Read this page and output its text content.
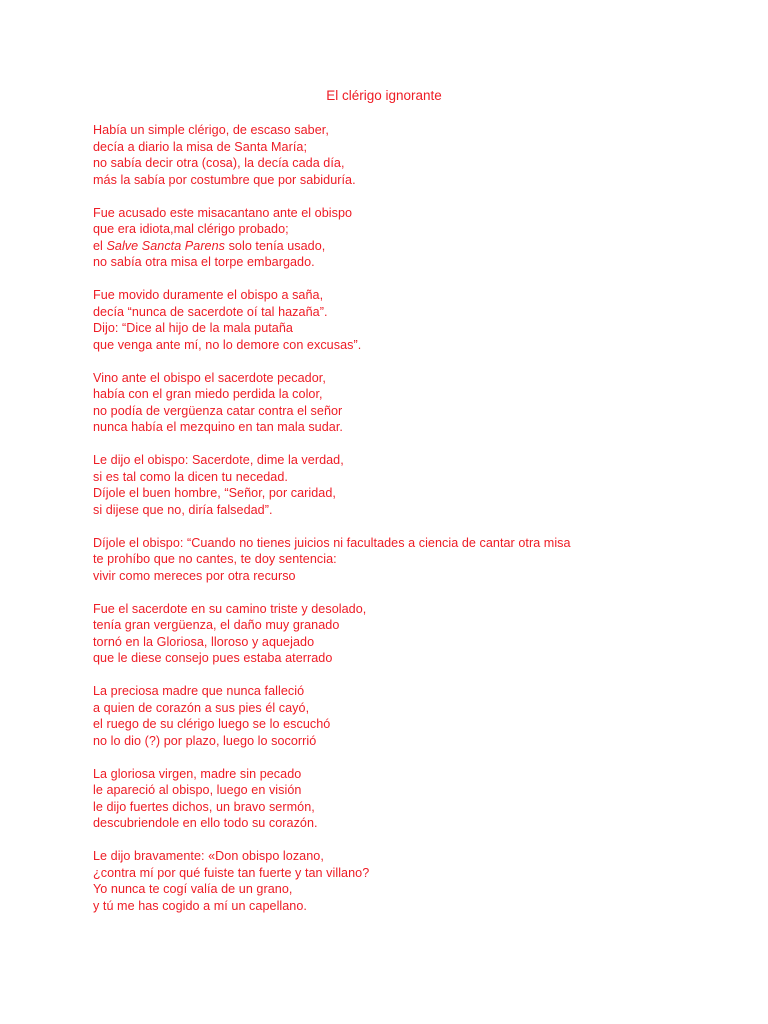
El clérigo ignorante
Había un simple clérigo, de escaso saber,
decía a diario la misa de Santa María;
no sabía decir otra (cosa), la decía cada día,
más la sabía por costumbre que por sabiduría.
Fue acusado este misacantano ante el obispo
que era idiota,mal clérigo probado;
el Salve Sancta Parens solo tenía usado,
no sabía otra misa el torpe embargado.
Fue movido duramente el obispo a saña,
decía “nunca de sacerdote oí tal hazaña”.
Dijo: “Dice al hijo de la mala putaña
que venga ante mí, no lo demore con excusas”.
Vino ante el obispo el sacerdote pecador,
había con el gran miedo perdida la color,
no podía de vergüenza catar contra el señor
nunca había el mezquino en tan mala sudar.
Le dijo el obispo: Sacerdote, dime la verdad,
si es tal como la dicen tu necedad.
Díjole el buen hombre, “Señor, por caridad,
si dijese que no, diría falsedad”.
Díjole el obispo: “Cuando no tienes juicios ni facultades a ciencia de cantar otra misa
te prohíbo que no cantes, te doy sentencia:
vivir como mereces por otra recurso
Fue el sacerdote en su camino triste y desolado,
tenía gran vergüenza, el daño muy granado
tornó en la Gloriosa, lloroso y aquejado
que le diese consejo pues estaba aterrado
La preciosa madre que nunca falleció
a quien de corazón a sus pies él cayó,
el ruego de su clérigo luego se lo escuchó
no lo dio (?) por plazo, luego lo socorrió
La gloriosa virgen, madre sin pecado
le apareció al obispo, luego en visión
le dijo fuertes dichos, un bravo sermón,
descubriendole en ello todo su corazón.
Le dijo bravamente: «Don obispo lozano,
¿contra mí por qué fuiste tan fuerte y tan villano?
Yo nunca te cogí valía de un grano,
y tú me has cogido a mí un capellano.
